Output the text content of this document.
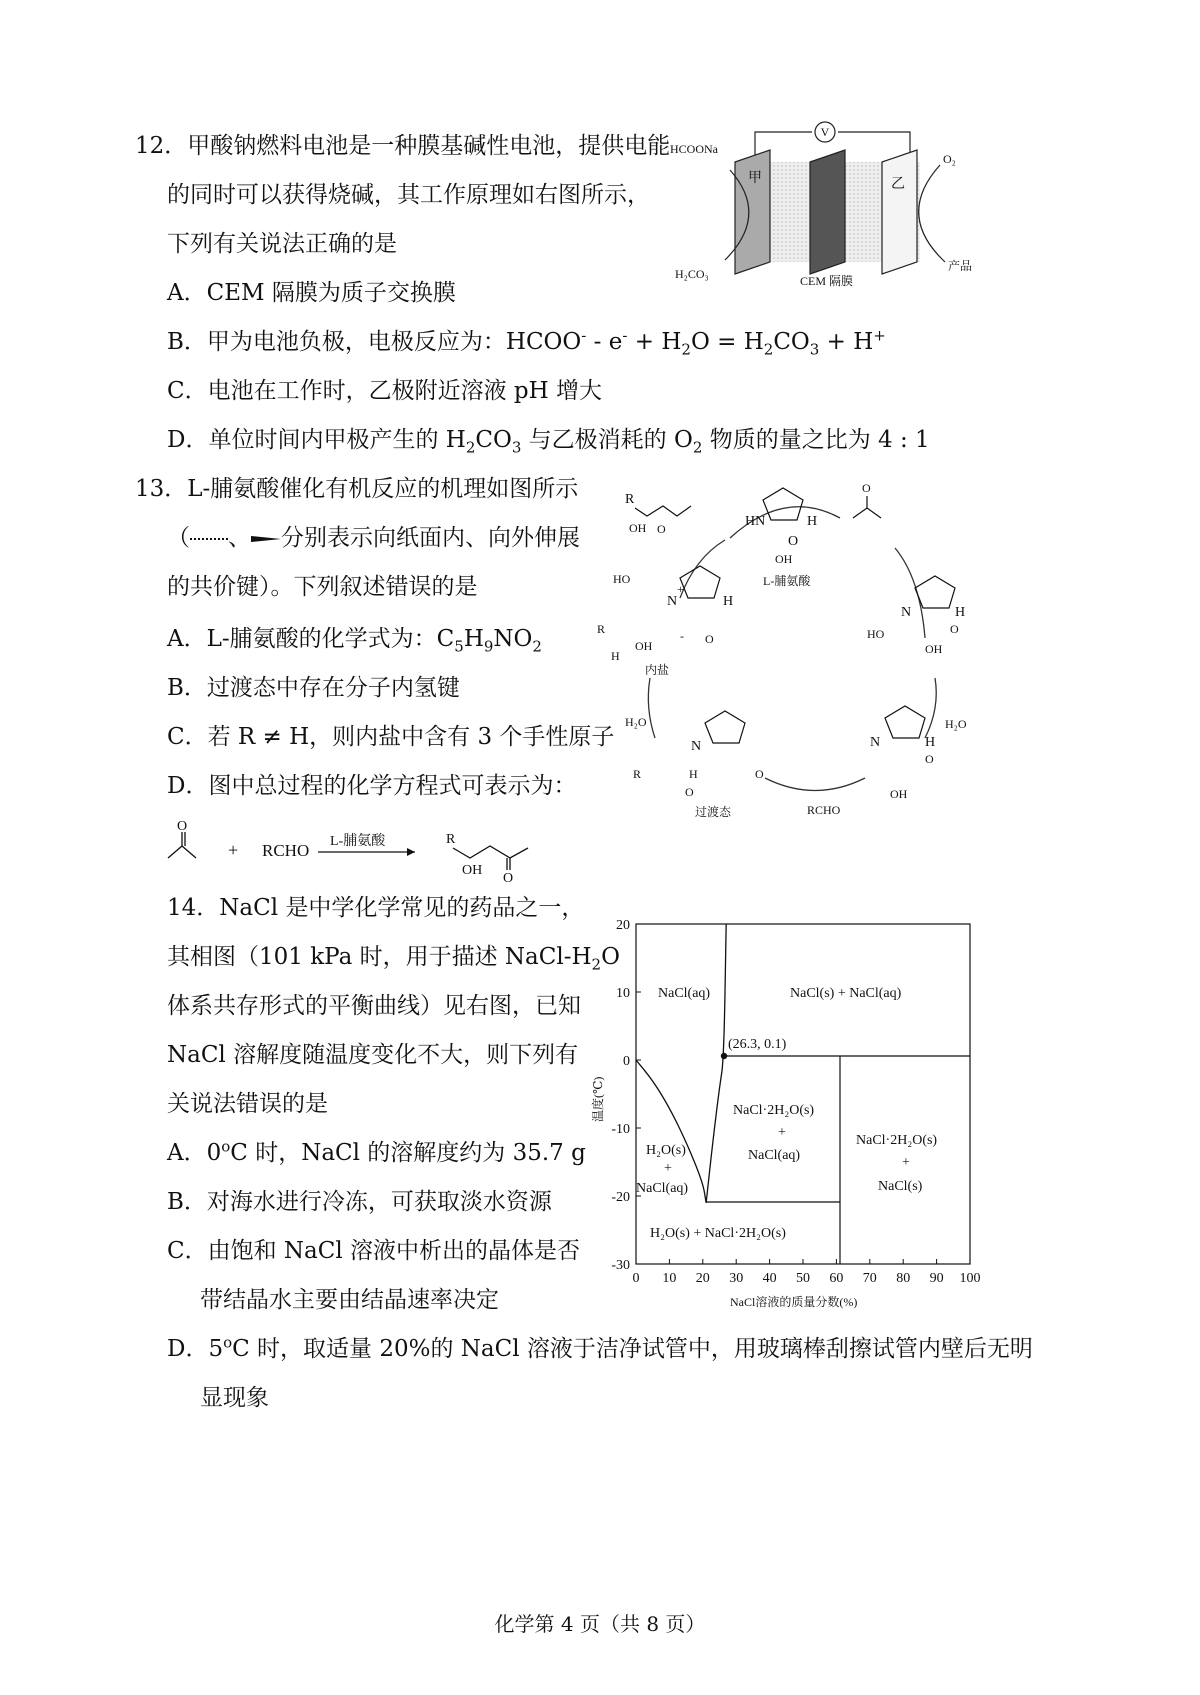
12．甲酸钠燃料电池是一种膜基碱性电池，提供电能
的同时可以获得烧碱，其工作原理如右图所示，
下列有关说法正确的是
A．CEM 隔膜为质子交换膜
B．甲为电池负极，电极反应为：HCOO- - $e^- + H_2O = H_2CO_3 + H^+$
C．电池在工作时，乙极附近溶液 pH 增大
D．单位时间内甲极产生的 $H_2CO_3$ 与乙极消耗的 $O_2$ 物质的量之比为 4 : 1
V
甲	乙
HCOONa
H₂CO₃	CEM 隔膜
O₂
产品
13．L-脯氨酸催化有机反应的机理如图所示
（ 、 分别表示向纸面内、向外伸展
的共价键）。下列叙述错误的是
A．L-脯氨酸的化学式为：$C_5H_9NO_2$
B．过渡态中存在分子内氢键
C．若 R ≠ H，则内盐中含有 3 个手性原子
D．图中总过程的化学方程式可表示为：
O
+ RCHO L-脯氨酸	R
O
OH
HN	H
O
OH
L-脯氨酸
R
O
OH
O
N	H
HO	O
OH
H₂O
N	H
O
OH
RCHO
N
R	H	O
O
过渡态
H₂O
N
+
H
HO
R
OH
H
O
-
内盐
14．NaCl 是中学化学常见的药品之一，
其相图（101 kPa 时，用于描述 NaCl-$H_2O$
体系共存形式的平衡曲线）见右图，已知
NaCl 溶解度随温度变化不大，则下列有
关说法错误的是
A．0$^o$C 时，NaCl 的溶解度约为 35.7 g
B．对海水进行冷冻，可获取淡水资源
C．由饱和 NaCl 溶液中析出的晶体是否
带结晶水主要由结晶速率决定
D．5$^o$C 时，取适量 20%的 NaCl 溶液于洁净试管中，用玻璃棒刮擦试管内壁后无明
显现象
0 10 20 30 40 50 60 70 80 90 100
20
10
0
-10
-20
-30
(26.3, 0.1)
NaCl(aq)	NaCl(s) + NaCl(aq)
NaCl·2H₂O(s)
+
NaCl(aq)
NaCl·2H₂O(s)
+
NaCl(s)
H₂O(s)
+
NaCl(aq)
H₂O(s) + NaCl·2H₂O(s)
NaCl溶液的质量分数(%)
温度(℃)
化学第 4 页（共 8 页）
